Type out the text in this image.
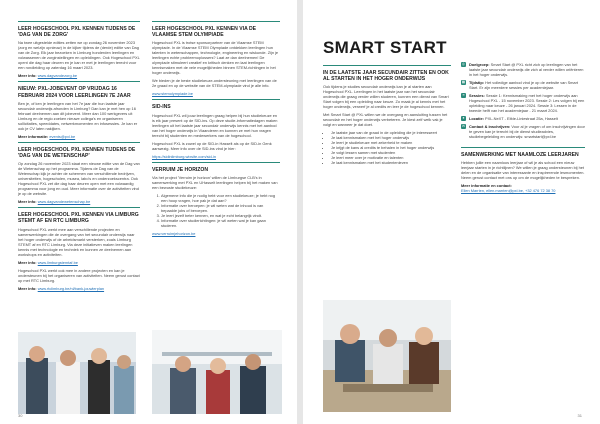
LEER HOGESCHOOL PXL KENNEN TIJDENS DE 'DAG VAN DE ZORG'
Na twee uitgestelde edities zetten we op zondag 26 november 2023 (zorg en welzijn opnieuw) in de kijker tijdens de (derde) editie van Dag van de Zorg. Elk jaar bezoeken in Limburg honderden leerlingen en volwassenen de zorginstellingen en opleidingen. Ook Hogeschool PXL opent die dag haar deuren en je kan er met je leerlingen terecht voor een rondleiding op zaterdag 16 maart 2023.
Meer info: www.dagvandezorg.be
NIEUW: PXL-JOBEVENT OP VRIJDAG 16 FEBRUARI 2024 VOOR LEERLINGEN 7E JAAR
Ben je, of ken je leerlingen van het 7e jaar die hun laatste jaar secundair onderwijs afronden in Limburg? Dan kan je met hen op 16 februari deelnemen aan dit jobevent. Meer dan 100 werkgevers uit Limburg en de regio zoeken nieuwe collega's en organiseren sollicitaties, speeddates, netwerkmomenten en infosessies. Je kan er ook je CV laten nakijken.
Meer informatie: events@pxl.be
LEER HOGESCHOOL PXL KENNEN TIJDENS DE 'DAG VAN DE WETENSCHAP'
Op zondag 26 november 2023 staat een nieuwe editie van de Dag van de Wetenschap op het programma. Tijdens de Dag van de Wetenschap kijk je achter de schermen van verschillende bedrijven, universiteiten, hogescholen, musea, labo's en onderzoekscentra. Ook Hogeschool PXL zet die dag haar deuren open met een volwaardig programma voor jong en oud. Meer informatie over de activiteiten vind je op de website.
Meer info: www.dagvandewetenschap.be
LEER HOGESCHOOL PXL KENNEN VIA LIMBURG STEMT AF EN RTC LIMBURG
Hogeschool PXL werkt mee aan verschillende projecten en samenwerkingen die de overgang van het secundair onderwijs naar het hoger onderwijs of de arbeidsmarkt versterken, zoals Limburg STEMT af en RTC Limburg. Via deze initiatieven maken leerlingen kennis met technologie en techniek en kunnen ze deelnemen aan workshops en activiteiten.
Meer info: www.limburgstemtaf.be
Hogeschool PXL werkt ook mee in andere projecten en kan je ondersteunen bij het organiseren van activiteiten. Neem gerust contact op met RTC Limburg.
Meer info: www.rtclimburg.be/nl/bank-jouwlerplan
LEER HOGESCHOOL PXL KENNEN VIA DE VLAAMSE STEM OLYMPIADE
Hogeschool PXL is trotse sponsorpartner van de Vlaamse STEM olympiade. In de Vlaamse STEM Olympiade ontdekken leerlingen hun talenten in wetenschappen, technologie, engineering en wiskunde. Zijn je leerlingen echte probleemoplossers? Laat ze dan deelnemen! De olympiade stimuleert creatief en kritisch denken en laat leerlingen kennismaken met de vele mogelijkheden binnen STEM-richtingen in het hoger onderwijs.
We bieden je de beste studiekeuze-ondersteuning met leerlingen van de 2e graad en op de website van de STEM-olympiade vind je alle info.
www.stemolympiade.be
SID-INS
Hogeschool PXL wil jouw leerlingen graag helpen bij hun studiekeuze en is elk jaar present op de SID-ins. Op deze studie-informatiedagen maken leerlingen uit het laatste jaar secundair onderwijs kennis met het aanbod van het hoger onderwijs in Vlaanderen en kunnen ze met hun vragen terecht bij studenten en medewerkers van de hogeschool.
Hogeschool PXL is zowel op de SID-in Hasselt als op de SID-in Genk aanwezig. Meer info over de SID-ins vind je hier:
https://sidinlimburg.wixsite.com/sid-in
VERRUIM JE HORIZON
Via het project 'Verruim je horizon' willen de Limburgse CLB's in samenwerking met PXL en UHasselt leerlingen helpen bij het maken van een bewuste studiekeuze:
1. Algemene info die je nodig hebt voor een studiekeuze; je hebt nog een hoop vragen, hoe pak je dat aan?
2. Informatie over beroepen: je wil weten wat de inhoud is van bepaalde jobs of beroepen.
3. Je leert jezelf beter kennen, en wat je echt belangrijk vindt.
4. Informatie over studierichtingen: je wil weten wat je kan gaan studeren.
www.verruimjehorizon.be
30
SMART START
IN DE LAATSTE JAAR SECUNDAIR ZITTEN EN OOK AL STARTEN IN HET HOGER ONDERWIJS
Ook tijdens je studies secundair onderwijs kan je al starten aan Hogeschool PXL. Leerlingen in het laatste jaar van het secundair onderwijs die graag verder willen studeren, kunnen een dienst van Smart Start volgen bij een opleiding naar keuze. Zo maak je al kennis met het hoger onderwijs, verwerf je al credits en leer je de hogeschool kennen.
Met Smart Start @ PXL willen we de overgang en aansluiting tussen het secundair en het hoger onderwijs verbeteren. Je kiest zelf welk vak je volgt en wanneer je dat doet.
• Je laatste jaar van de graad in de opleiding die je interesseert
• Je laat kennismaken met het hoger onderwijs
• Je leert je studiekeuze met zekerheid te maken
• Je krijgt de kans al credits te behalen in het hoger onderwijs
• Je volgt lessen samen met studenten
• Je leert meer over je motivatie en talenten
• Je laat kennismaken met het studentenleven
◎ Doelgroep: Smart Start @ PXL richt zich op leerlingen van het laatste jaar secundair onderwijs die zich al verder willen oriënteren in het hoger onderwijs.
▦ Tijdstip: Het volledige aanbod vind je op de website van Smart Start. Er zijn meerdere sessies per academiejaar.
≡	Sessies: Sessie 1: Kennismaking met het hoger onderwijs aan Hogeschool PXL - 15 november 2023. Sessie 2: Les volgen bij een opleiding naar keuze - 26 januari 2024. Sessie 3: Lessen in de tweede helft van het academiejaar - 21 maart 2024.
●	Locatie: PXL-NeXT - Elfde-Liniestraat 25a, Hasselt
✉ Contact & inschrijven: Voor al je vragen of om inschrijvingen door te geven kan je terecht bij de dienst studieadvies, studiebegeleiding en onderwijs: smartstart@pxl.be
SAMENWERKING MET NAAMLOZE LEERJAREN
Hebben jullie een naamloos leerjaar of wil je als school een nieuw leerjaar starten in je richtlijnen? We willen je graag ondersteunen bij het delen en de organisatie van interessante en inspirerende lesmomenten. Neem gerust contact met ons op om de mogelijkheden te bespreken.
Meer informatie en contact:
Ellen Marrien, ellen.marrien@pxl.be, +32 476 72 38 70
31
